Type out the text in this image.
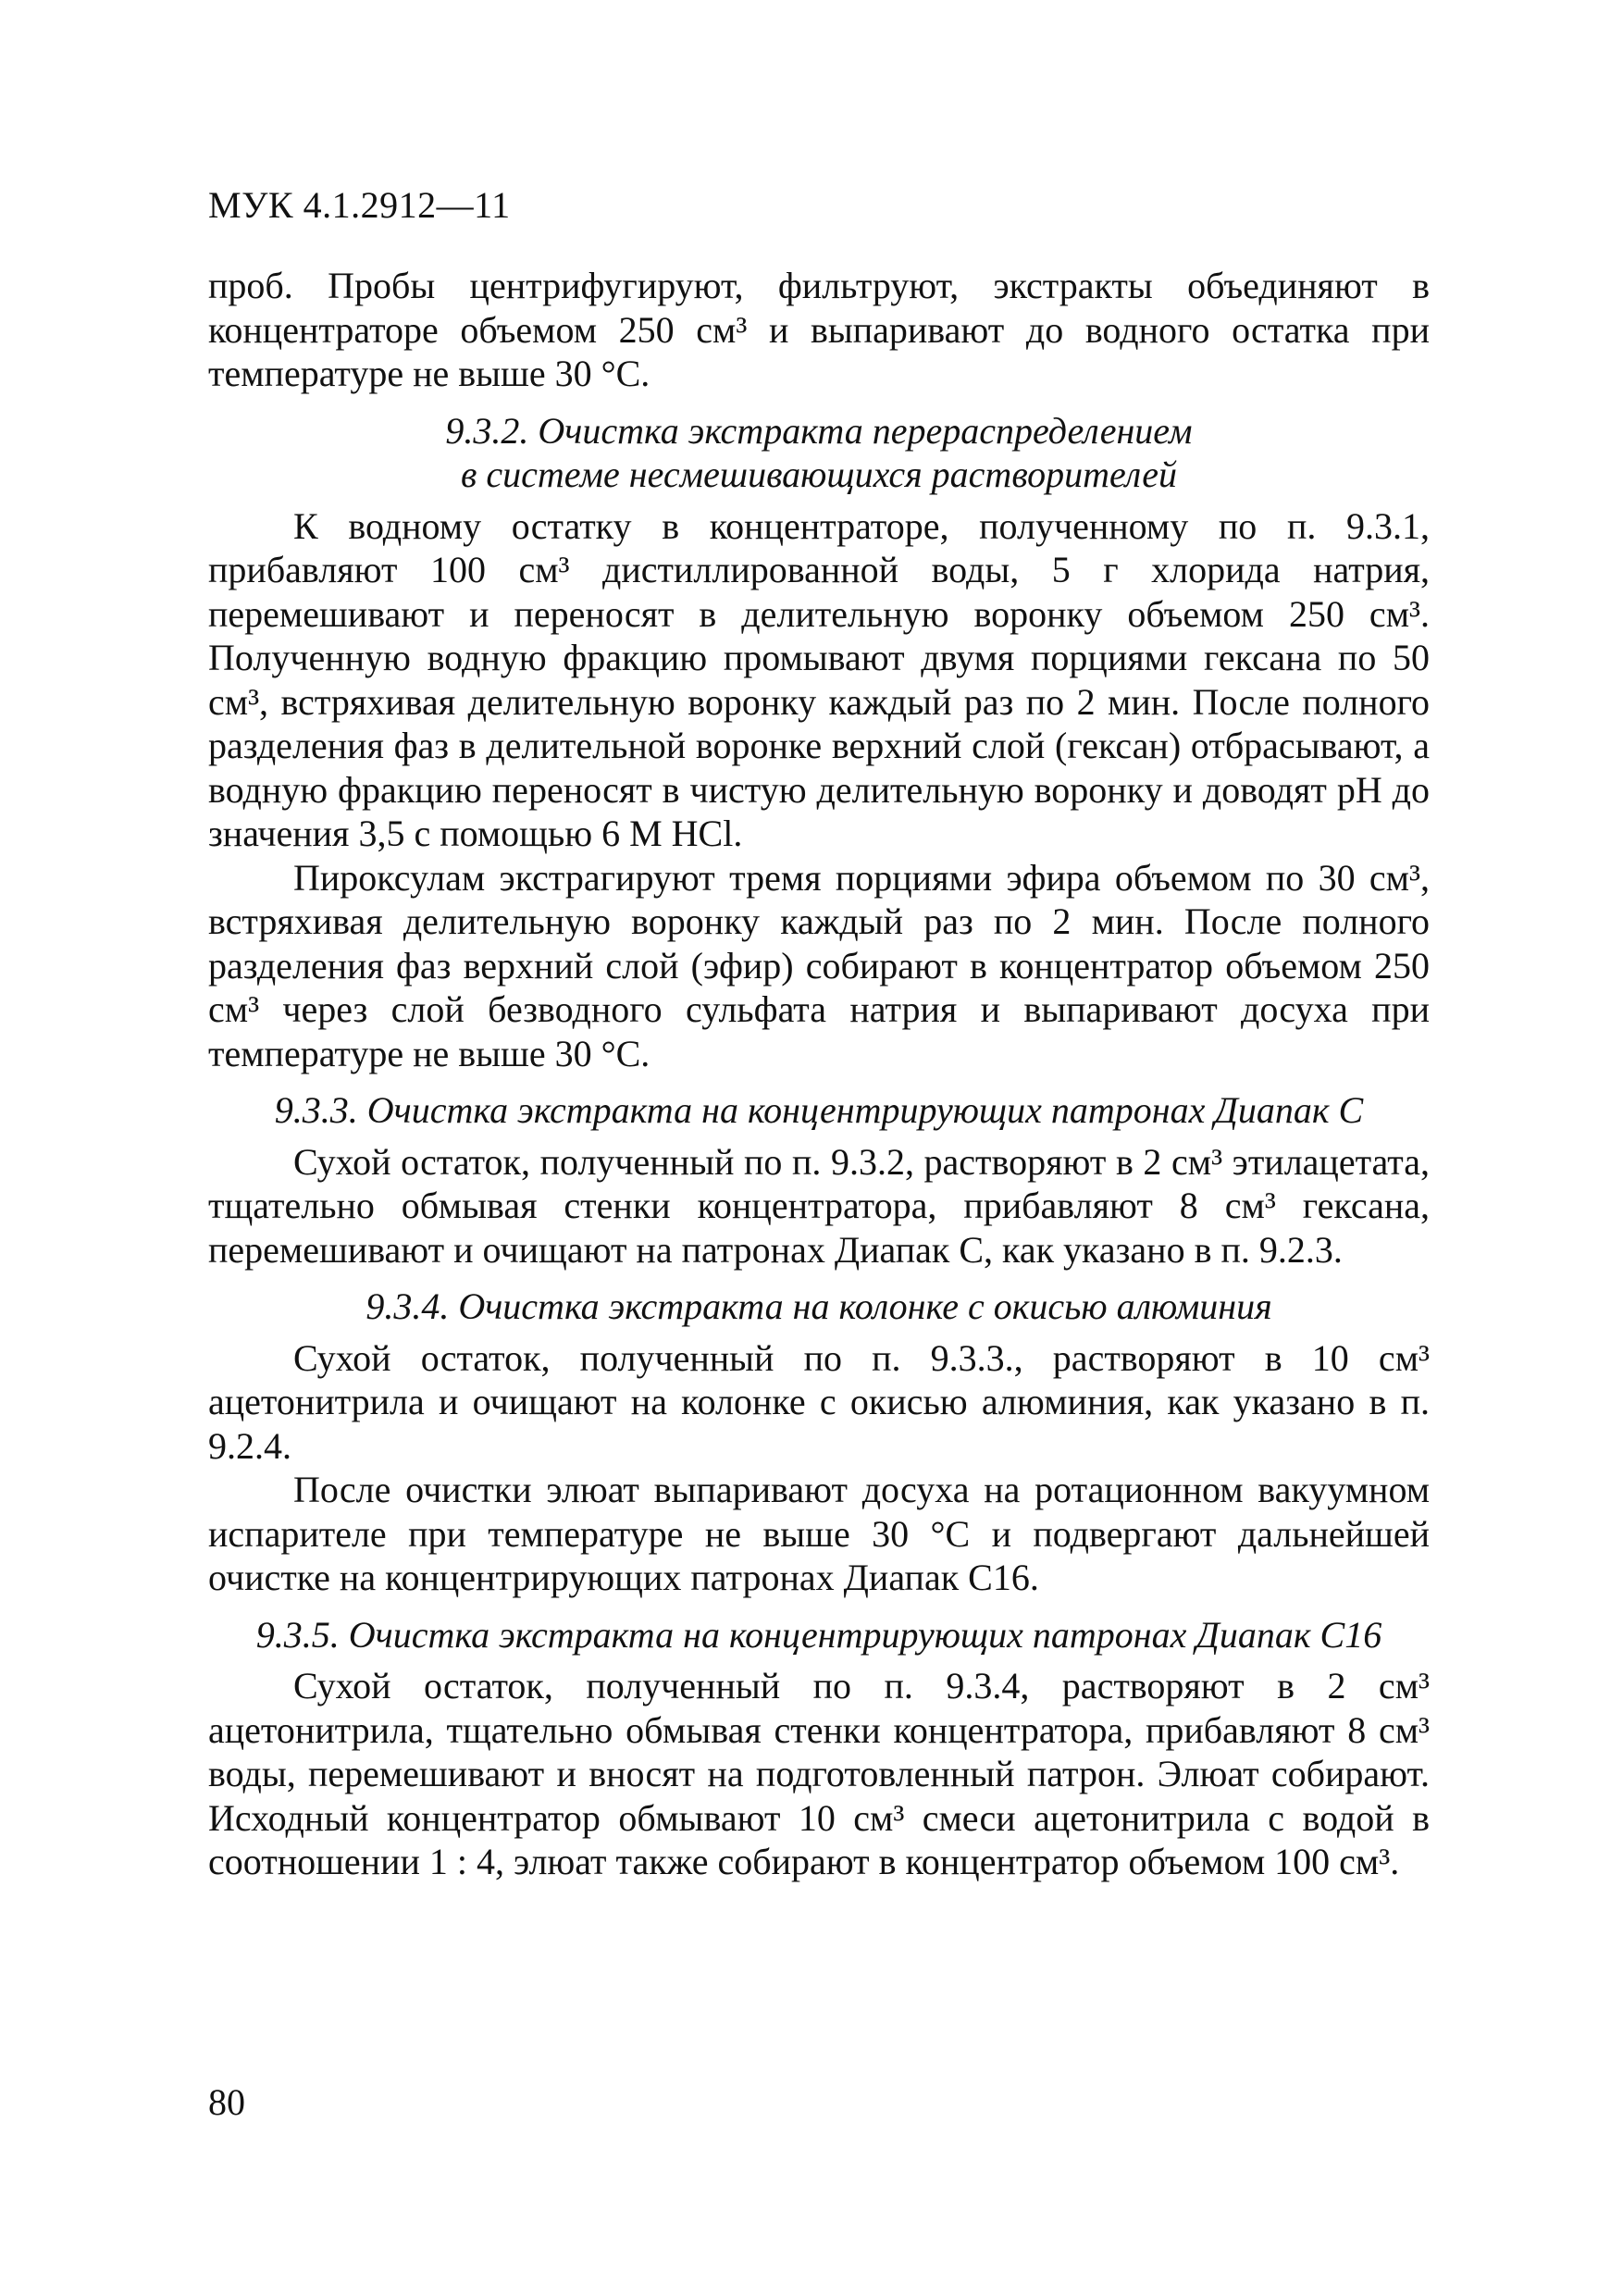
МУК 4.1.2912—11

проб. Пробы центрифугируют, фильтруют, экстракты объединяют в концентраторе объемом 250 см³ и выпаривают до водного остатка при температуре не выше 30 °С.

9.3.2. Очистка экстракта перераспределением
в системе несмешивающихся растворителей

К водному остатку в концентраторе, полученному по п. 9.3.1, прибавляют 100 см³ дистиллированной воды, 5 г хлорида натрия, перемешивают и переносят в делительную воронку объемом 250 см³. Полученную водную фракцию промывают двумя порциями гексана по 50 см³, встряхивая делительную воронку каждый раз по 2 мин. После полного разделения фаз в делительной воронке верхний слой (гексан) отбрасывают, а водную фракцию переносят в чистую делительную воронку и доводят pH до значения 3,5 с помощью 6 М HCl.

Пироксулам экстрагируют тремя порциями эфира объемом по 30 см³, встряхивая делительную воронку каждый раз по 2 мин. После полного разделения фаз верхний слой (эфир) собирают в концентратор объемом 250 см³ через слой безводного сульфата натрия и выпаривают досуха при температуре не выше 30 °С.

9.3.3. Очистка экстракта на концентрирующих патронах Диапак С

Сухой остаток, полученный по п. 9.3.2, растворяют в 2 см³ этилацетата, тщательно обмывая стенки концентратора, прибавляют 8 см³ гексана, перемешивают и очищают на патронах Диапак С, как указано в п. 9.2.3.

9.3.4. Очистка экстракта на колонке с окисью алюминия

Сухой остаток, полученный по п. 9.3.3., растворяют в 10 см³ ацетонитрила и очищают на колонке с окисью алюминия, как указано в п. 9.2.4.

После очистки элюат выпаривают досуха на ротационном вакуумном испарителе при температуре не выше 30 °С и подвергают дальнейшей очистке на концентрирующих патронах Диапак С16.

9.3.5. Очистка экстракта на концентрирующих патронах Диапак С16

Сухой остаток, полученный по п. 9.3.4, растворяют в 2 см³ ацетонитрила, тщательно обмывая стенки концентратора, прибавляют 8 см³ воды, перемешивают и вносят на подготовленный патрон. Элюат собирают. Исходный концентратор обмывают 10 см³ смеси ацетонитрила с водой в соотношении 1 : 4, элюат также собирают в концентратор объемом 100 см³.

80
